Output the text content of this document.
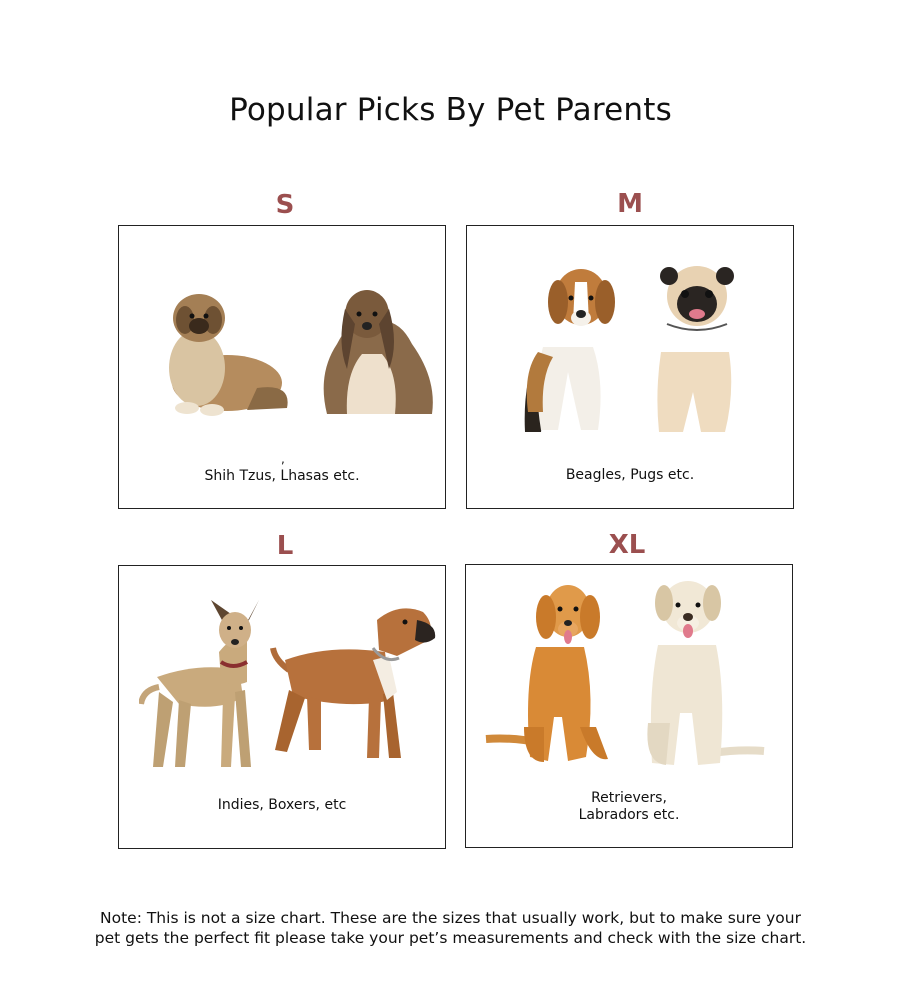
Popular Picks By Pet Parents
S
,
Shih Tzus, Lhasas etc.
M
Beagles, Pugs etc.
L
Indies, Boxers, etc
XL
Retrievers,
Labradors etc.
Note: This is not a size chart. These are the sizes that usually work, but to make sure your
pet gets the perfect fit please take your pet’s measurements and check with the size chart.
